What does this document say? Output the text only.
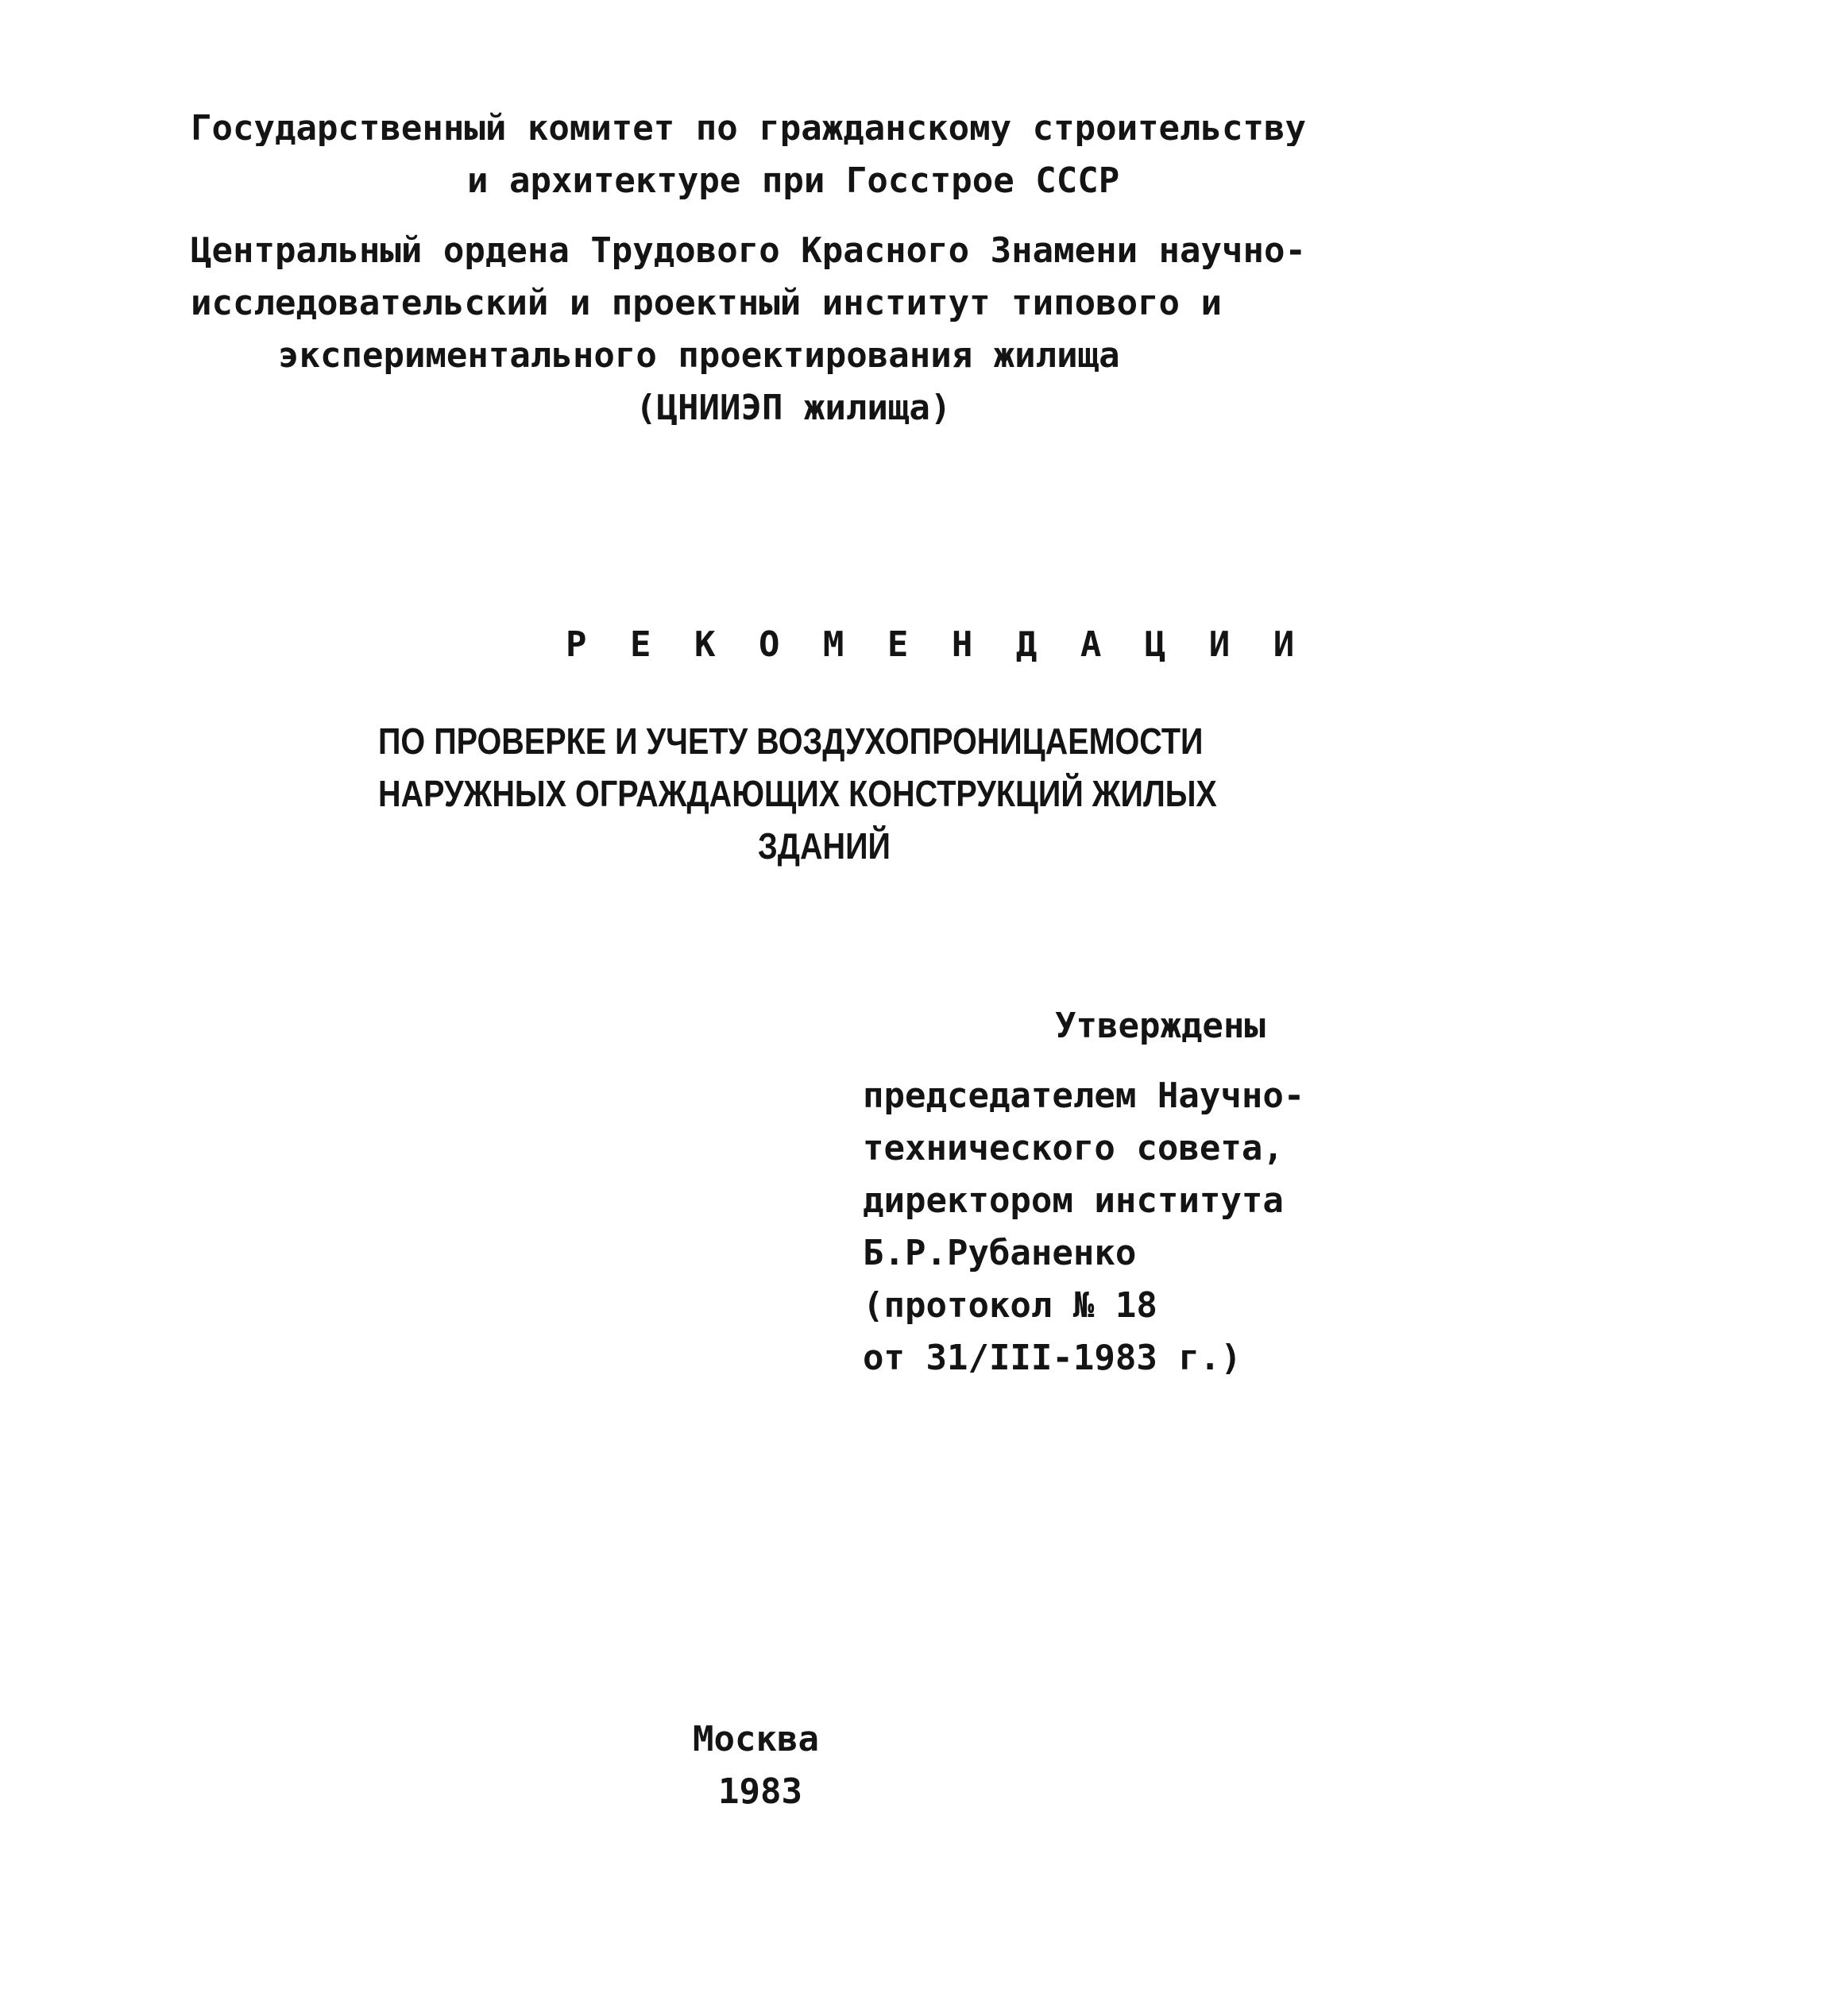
Государственный комитет по гражданскому строительству
и архитектуре при Госстрое СССР
Центральный ордена Трудового Красного Знамени научно-
исследовательский и проектный институт типового и
экспериментального проектирования жилища
(ЦНИИЭП жилища)
Р Е К О М Е Н Д А Ц И И
ПО ПРОВЕРКЕ И УЧЕТУ ВОЗДУХОПРОНИЦАЕМОСТИ
НАРУЖНЫХ ОГРАЖДАЮЩИХ КОНСТРУКЦИЙ ЖИЛЫХ
ЗДАНИЙ
Утверждены
председателем Научно-
технического совета,
директором института
Б.Р.Рубаненко
(протокол № 18
от 31/III-1983 г.)
Москва
1983
